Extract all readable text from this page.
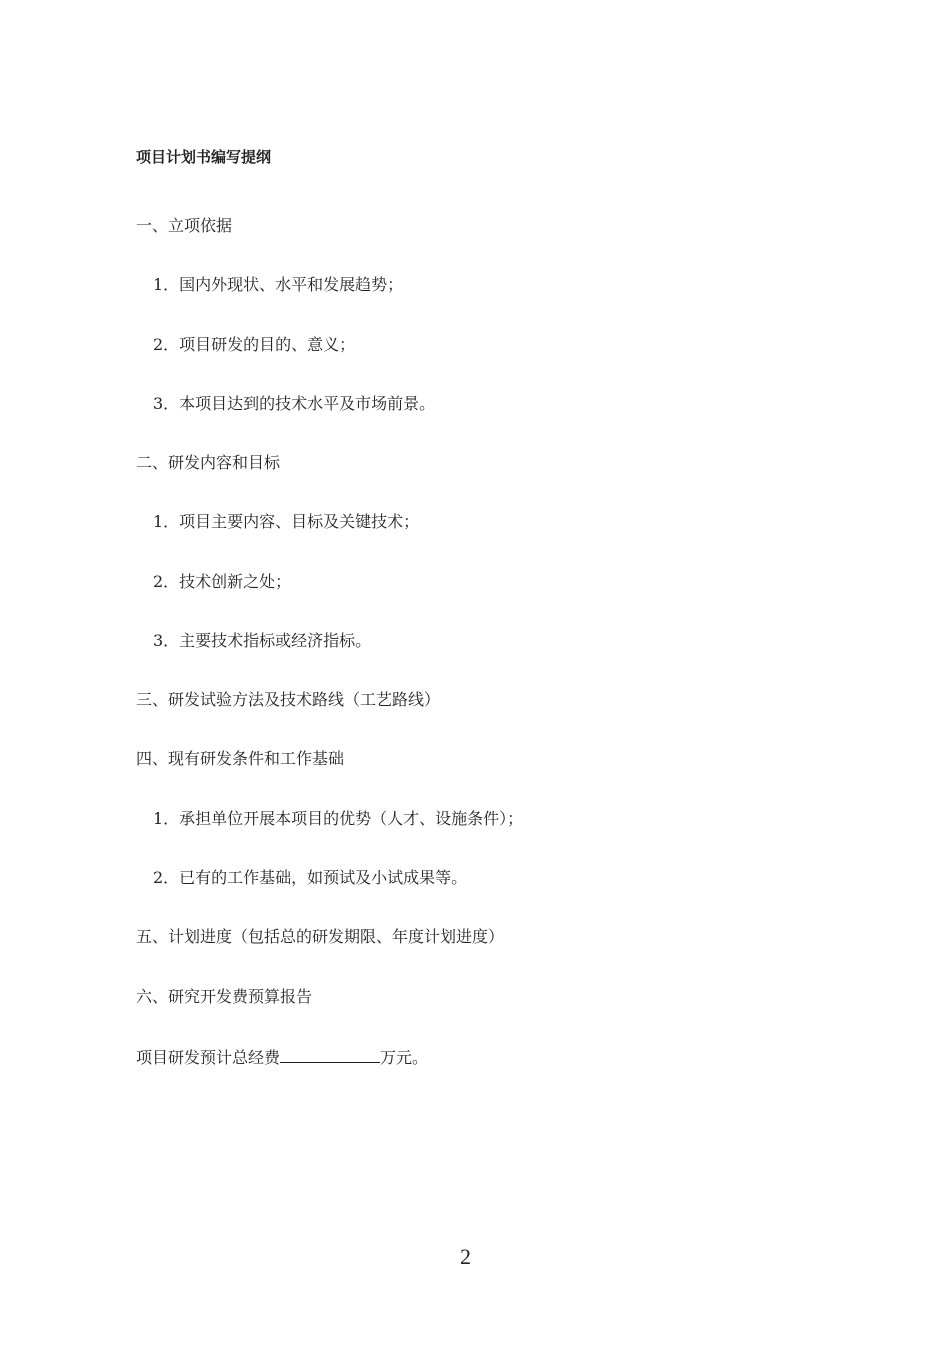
项目计划书编写提纲
一、立项依据
1．国内外现状、水平和发展趋势；
2．项目研发的目的、意义；
3．本项目达到的技术水平及市场前景。
二、研发内容和目标
1．项目主要内容、目标及关键技术；
2．技术创新之处；
3．主要技术指标或经济指标。
三、研发试验方法及技术路线（工艺路线）
四、现有研发条件和工作基础
1．承担单位开展本项目的优势（人才、设施条件）；
2．已有的工作基础，如预试及小试成果等。
五、计划进度（包括总的研发期限、年度计划进度）
六、研究开发费预算报告
项目研发预计总经费	万元。
2
